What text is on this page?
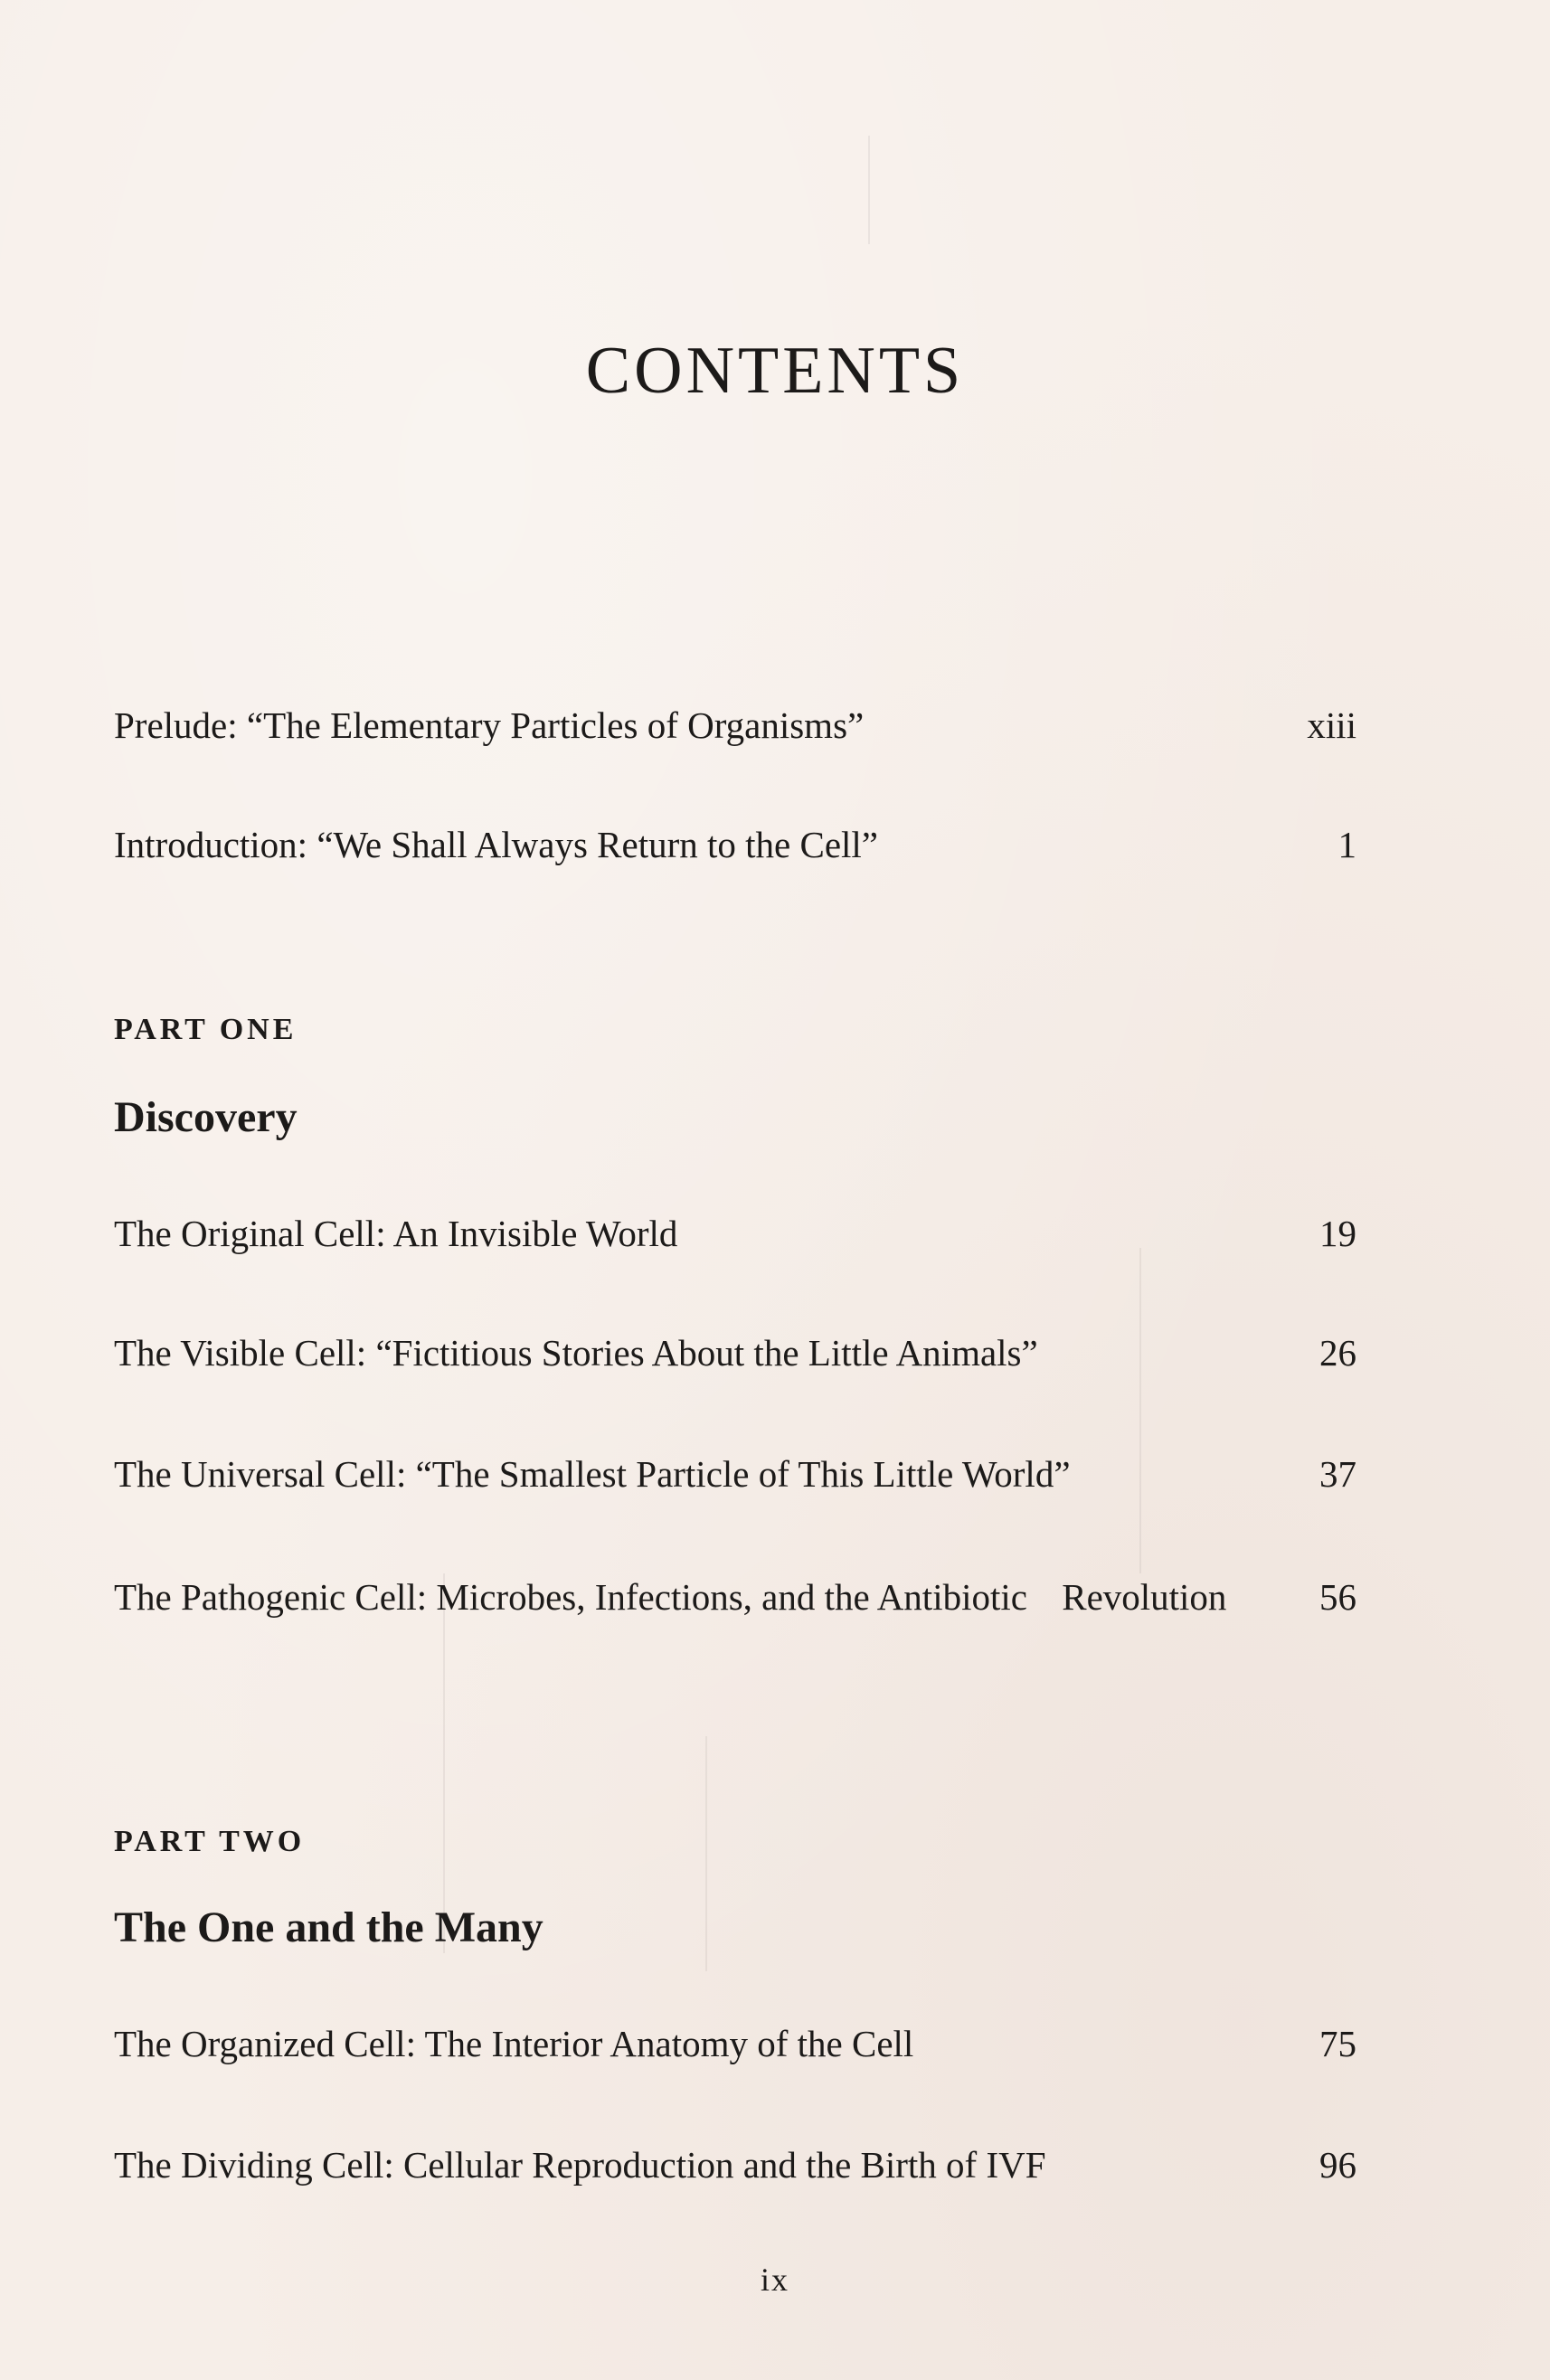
CONTENTS
Prelude: “The Elementary Particles of Organisms”	xiii
Introduction: “We Shall Always Return to the Cell”	1
PART ONE
Discovery
The Original Cell: An Invisible World	19
The Visible Cell: “Fictitious Stories About the Little Animals”	26
The Universal Cell: “The Smallest Particle of This Little World”	37
The Pathogenic Cell: Microbes, Infections, and the Antibiotic Revolution	56
PART TWO
The One and the Many
The Organized Cell: The Interior Anatomy of the Cell	75
The Dividing Cell: Cellular Reproduction and the Birth of IVF	96
ix
